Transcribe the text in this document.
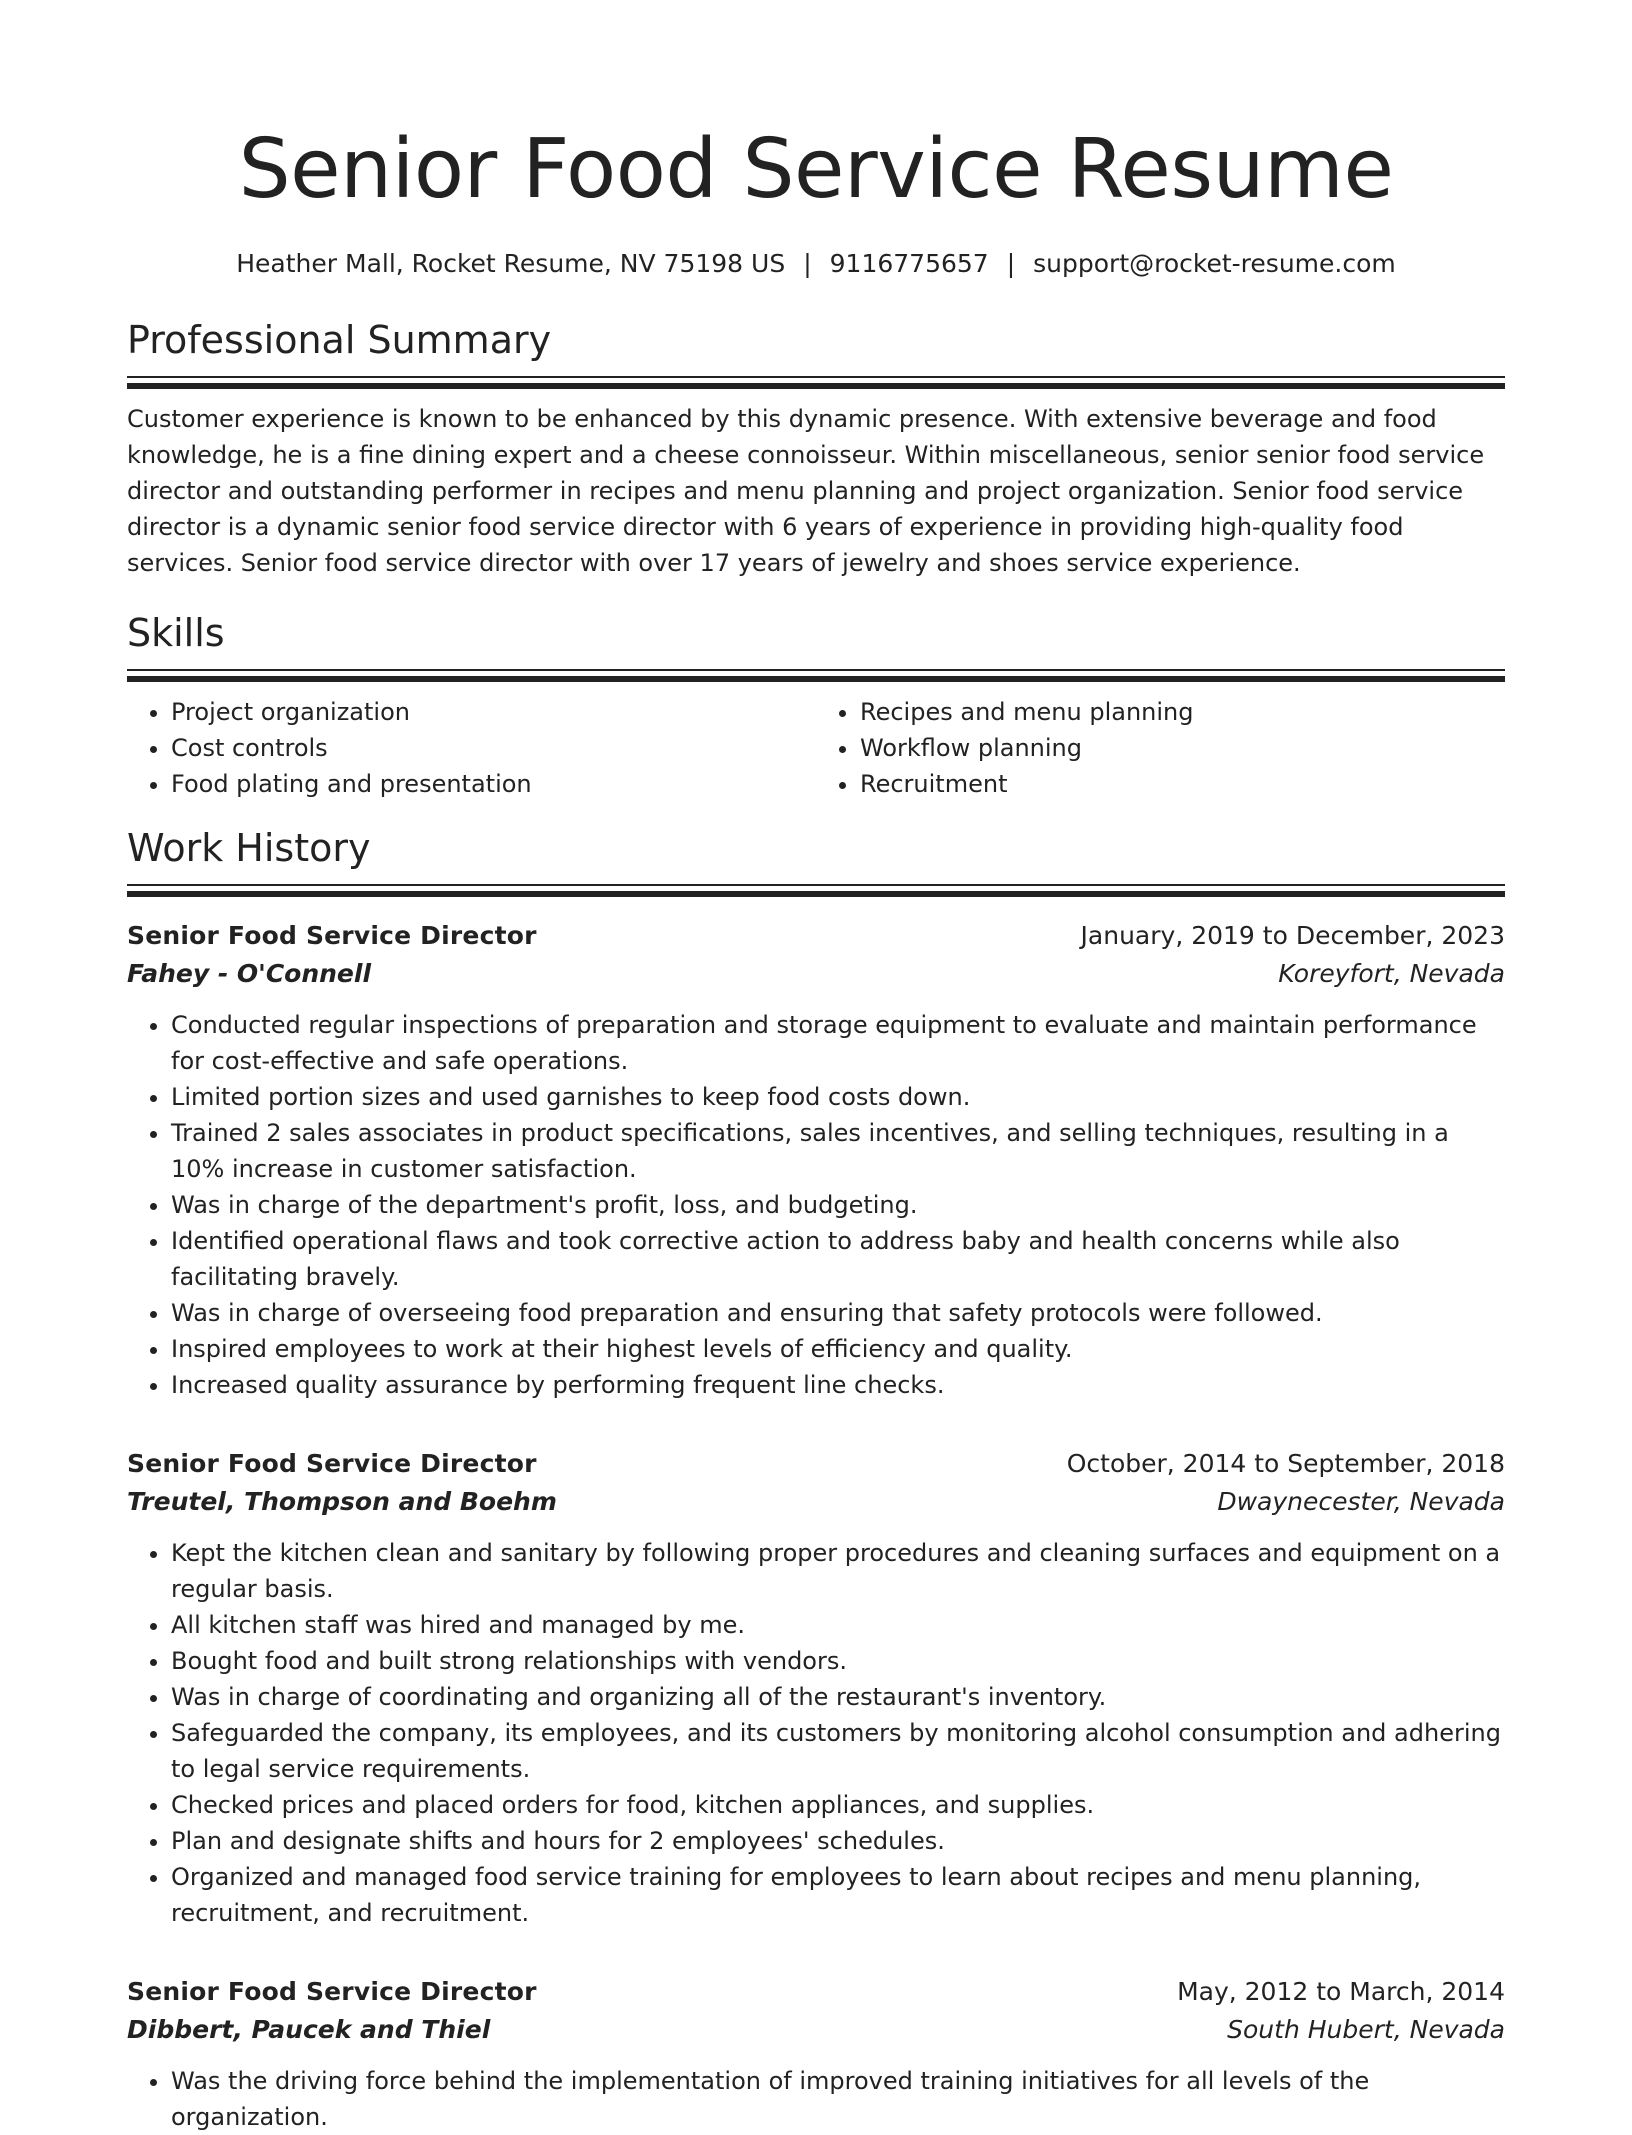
Senior Food Service Resume
Heather Mall, Rocket Resume, NV 75198 US | 9116775657 | support@rocket-resume.com
Professional Summary

Customer experience is known to be enhanced by this dynamic presence. With extensive beverage and food knowledge, he is a fine dining expert and a cheese connoisseur. Within miscellaneous, senior senior food service director and outstanding performer in recipes and menu planning and project organization. Senior food service director is a dynamic senior food service director with 6 years of experience in providing high-quality food services. Senior food service director with over 17 years of jewelry and shoes service experience.

Skills
• Project organization
• Cost controls
• Food plating and presentation
• Recipes and menu planning
• Workflow planning
• Recruitment
Work History
Senior Food Service Director	January, 2019 to December, 2023
Fahey - O'Connell	Koreyfort, Nevada
• Conducted regular inspections of preparation and storage equipment to evaluate and maintain performance for cost-effective and safe operations.
• Limited portion sizes and used garnishes to keep food costs down.
• Trained 2 sales associates in product specifications, sales incentives, and selling techniques, resulting in a 10% increase in customer satisfaction.
• Was in charge of the department's profit, loss, and budgeting.
• Identified operational flaws and took corrective action to address baby and health concerns while also facilitating bravely.
• Was in charge of overseeing food preparation and ensuring that safety protocols were followed.
• Inspired employees to work at their highest levels of efficiency and quality.
• Increased quality assurance by performing frequent line checks.
Senior Food Service Director	October, 2014 to September, 2018
Treutel, Thompson and Boehm	Dwaynecester, Nevada
• Kept the kitchen clean and sanitary by following proper procedures and cleaning surfaces and equipment on a regular basis.
• All kitchen staff was hired and managed by me.
• Bought food and built strong relationships with vendors.
• Was in charge of coordinating and organizing all of the restaurant's inventory.
• Safeguarded the company, its employees, and its customers by monitoring alcohol consumption and adhering to legal service requirements.
• Checked prices and placed orders for food, kitchen appliances, and supplies.
• Plan and designate shifts and hours for 2 employees' schedules.
• Organized and managed food service training for employees to learn about recipes and menu planning, recruitment, and recruitment.
Senior Food Service Director	May, 2012 to March, 2014
Dibbert, Paucek and Thiel	South Hubert, Nevada
• Was the driving force behind the implementation of improved training initiatives for all levels of the organization.
